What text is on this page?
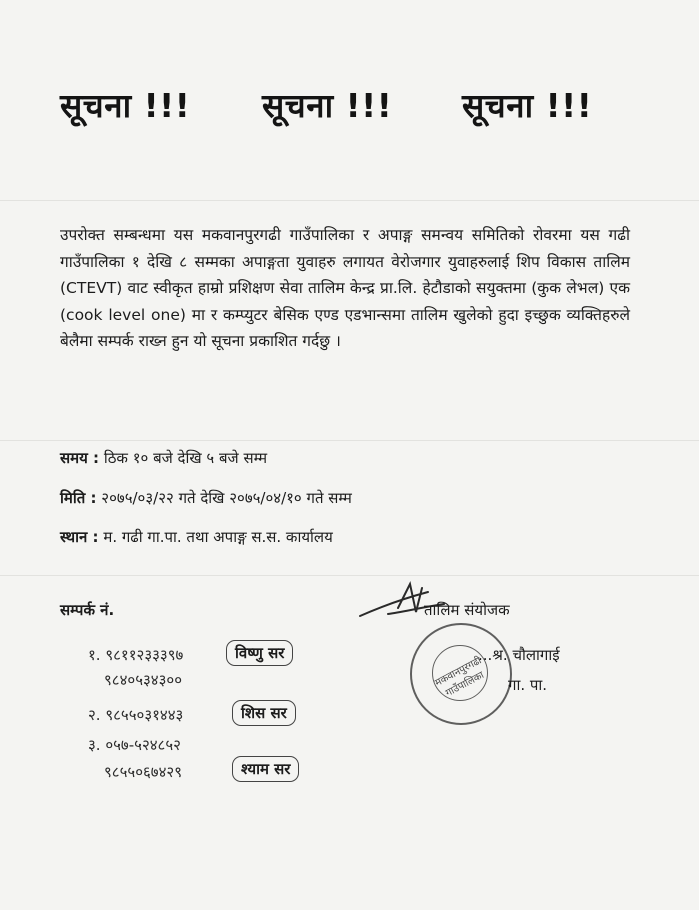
सूचना !!! सूचना !!! सूचना !!!
उपरोक्त सम्बन्धमा यस मकवानपुरगढी गाउँपालिका र अपाङ्ग समन्वय समितिको रोवरमा यस गढी गाउँपालिका १ देखि ८ सम्मका अपाङ्गता युवाहरु लगायत वेरोजगार युवाहरुलाई शिप विकास तालिम (CTEVT) वाट स्वीकृत हाम्रो प्रशिक्षण सेवा तालिम केन्द्र प्रा.लि. हेटौडाको सयुक्तमा (कुक लेभल) एक (cook level one) मा र कम्प्युटर बेसिक एण्ड एडभान्समा तालिम खुलेको हुदा इच्छुक व्यक्तिहरुले बेलैमा सम्पर्क राख्न हुन यो सूचना प्रकाशित गर्दछु ।
समय : ठिक १० बजे देखि ५ बजे सम्म
मिति : २०७५/०३/२२ गते देखि २०७५/०४/१० गते सम्म
स्थान : म. गढी गा.पा. तथा अपाङ्ग स.स. कार्यालय
सम्पर्क नं.
१. ९८११२३३३९७
९८४०५३४३००
विष्णु सर
२. ९८५५०३१४४३	शिस सर
३. ०५७-५२४८५२
९८५५०६७४२९	श्याम सर
तालिम संयोजक
मकवानपुरगढी गाउँपालिका
...श्र. चौलागाई
गा. पा.
